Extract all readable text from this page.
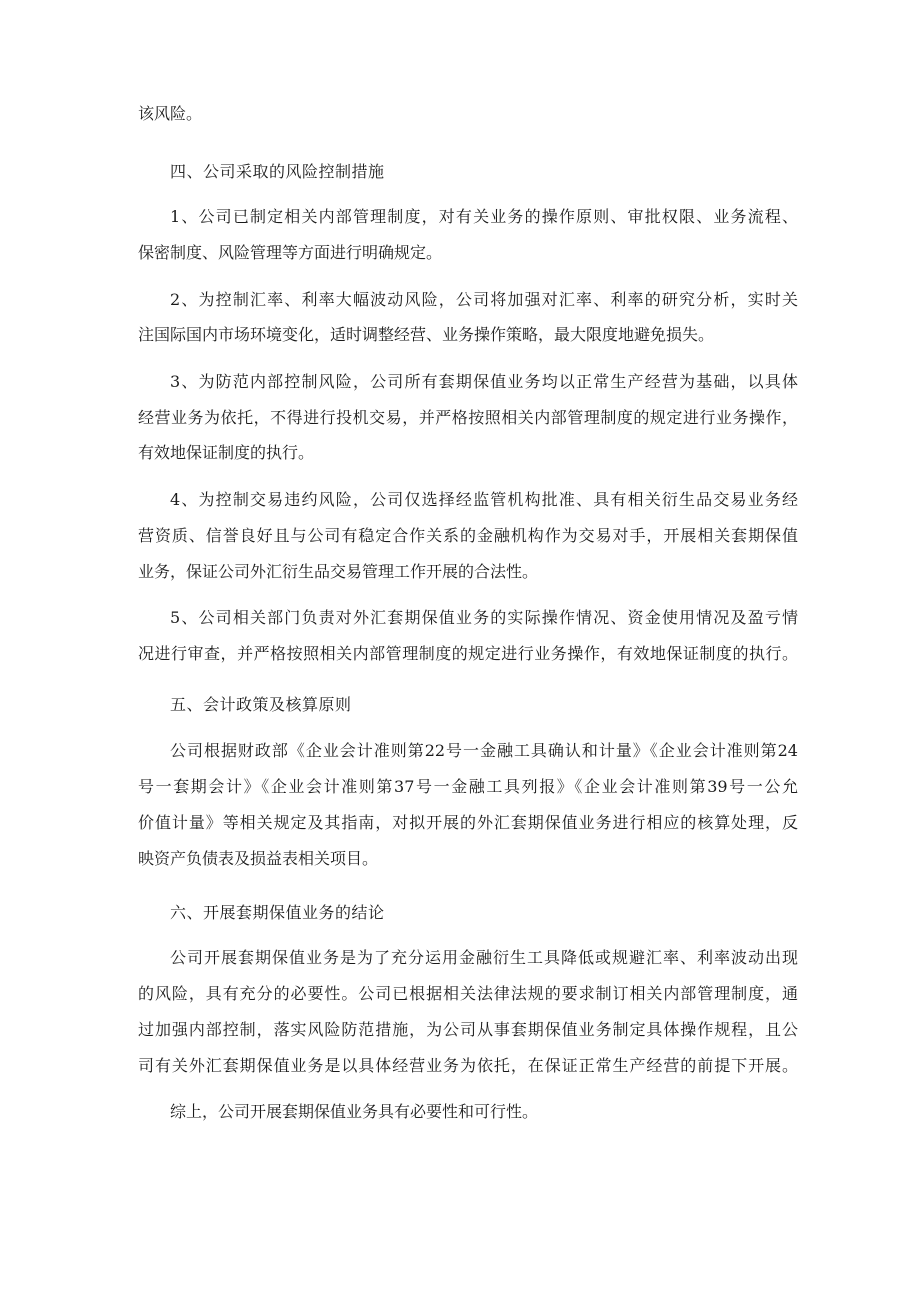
该风险。
四、公司采取的风险控制措施
1、公司已制定相关内部管理制度，对有关业务的操作原则、审批权限、业务流程、
保密制度、风险管理等方面进行明确规定。
2、为控制汇率、利率大幅波动风险，公司将加强对汇率、利率的研究分析，实时关
注国际国内市场环境变化，适时调整经营、业务操作策略，最大限度地避免损失。
3、为防范内部控制风险，公司所有套期保值业务均以正常生产经营为基础，以具体
经营业务为依托，不得进行投机交易，并严格按照相关内部管理制度的规定进行业务操作，
有效地保证制度的执行。
4、为控制交易违约风险，公司仅选择经监管机构批准、具有相关衍生品交易业务经
营资质、信誉良好且与公司有稳定合作关系的金融机构作为交易对手，开展相关套期保值
业务，保证公司外汇衍生品交易管理工作开展的合法性。
5、公司相关部门负责对外汇套期保值业务的实际操作情况、资金使用情况及盈亏情
况进行审查，并严格按照相关内部管理制度的规定进行业务操作，有效地保证制度的执行。
五、会计政策及核算原则
公司根据财政部《企业会计准则第22号一金融工具确认和计量》《企业会计准则第24
号一套期会计》《企业会计准则第37号一金融工具列报》《企业会计准则第39号一公允
价值计量》等相关规定及其指南，对拟开展的外汇套期保值业务进行相应的核算处理，反
映资产负债表及损益表相关项目。
六、开展套期保值业务的结论
公司开展套期保值业务是为了充分运用金融衍生工具降低或规避汇率、利率波动出现
的风险，具有充分的必要性。公司已根据相关法律法规的要求制订相关内部管理制度，通
过加强内部控制，落实风险防范措施，为公司从事套期保值业务制定具体操作规程，且公
司有关外汇套期保值业务是以具体经营业务为依托，在保证正常生产经营的前提下开展。
综上，公司开展套期保值业务具有必要性和可行性。
